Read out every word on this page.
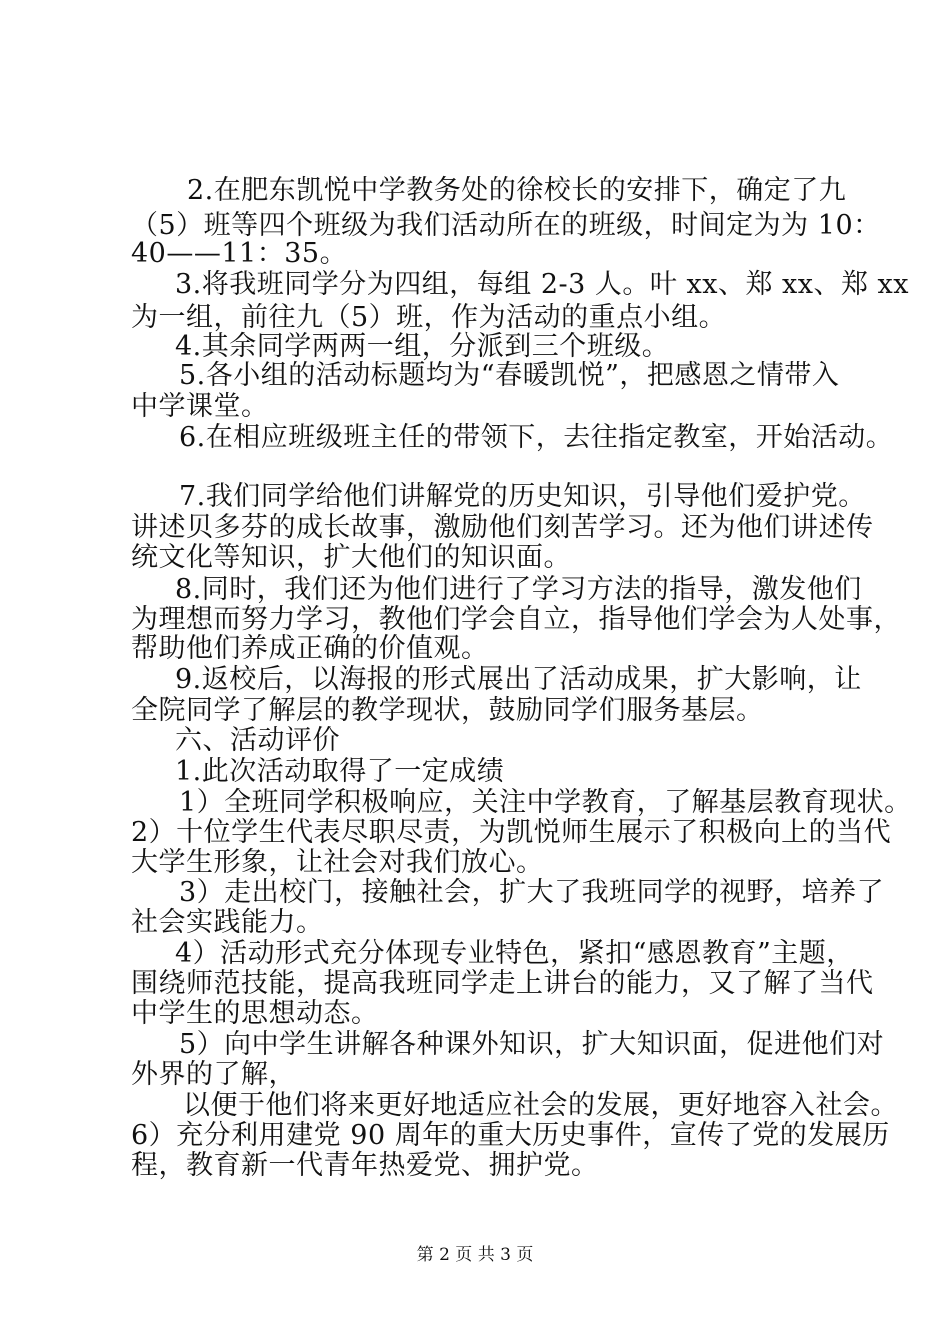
2.在肥东凯悦中学教务处的徐校长的安排下，确定了九
（5）班等四个班级为我们活动所在的班级，时间定为为 10：
40——11：35。
3.将我班同学分为四组，每组 2-3 人。叶 xx、郑 xx、郑 xx
为一组，前往九（5）班，作为活动的重点小组。
4.其余同学两两一组，分派到三个班级。
5.各小组的活动标题均为“春暖凯悦”，把感恩之情带入
中学课堂。
6.在相应班级班主任的带领下，去往指定教室，开始活动。
7.我们同学给他们讲解党的历史知识，引导他们爱护党。
讲述贝多芬的成长故事，激励他们刻苦学习。还为他们讲述传
统文化等知识，扩大他们的知识面。
8.同时，我们还为他们进行了学习方法的指导，激发他们
为理想而努力学习，教他们学会自立，指导他们学会为人处事，
帮助他们养成正确的价值观。
9.返校后，以海报的形式展出了活动成果，扩大影响，让
全院同学了解层的教学现状，鼓励同学们服务基层。
六、活动评价
1.此次活动取得了一定成绩
1）全班同学积极响应，关注中学教育，了解基层教育现状。
2）十位学生代表尽职尽责，为凯悦师生展示了积极向上的当代
大学生形象，让社会对我们放心。
3）走出校门，接触社会，扩大了我班同学的视野，培养了
社会实践能力。
4）活动形式充分体现专业特色，紧扣“感恩教育”主题，
围绕师范技能，提高我班同学走上讲台的能力，又了解了当代
中学生的思想动态。
5）向中学生讲解各种课外知识，扩大知识面，促进他们对
外界的了解，
以便于他们将来更好地适应社会的发展，更好地容入社会。
6）充分利用建党 90 周年的重大历史事件，宣传了党的发展历
程，教育新一代青年热爱党、拥护党。
第 2 页 共 3 页
